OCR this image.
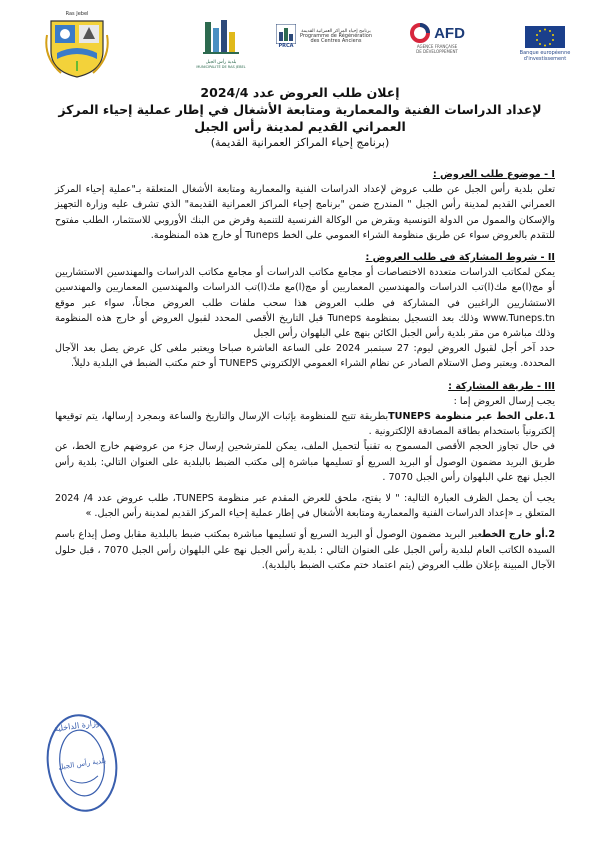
Banque européenne
d'investissement
AFD
AGENCE FRANÇAISE
DE DÉVELOPPEMENT
PRCA
برنامج إحياء المراكز العمرانية القديمة
Programme de Régénération
des Centres Anciens
بلدية رأس الجبل
MUNICIPALITÉ DE RAS JEBEL
Ras Jebel
إعلان طلب العروض عدد 2024/4
لإعداد الدراسات الفنية والمعمارية ومتابعة الأشغال في إطار عملية إحياء المركز
العمراني القديم لمدينة رأس الجبل
(برنامج إحياء المراكز العمرانية القديمة)

I - موضوع طلب العروض :

تعلن بلدية رأس الجبل عن طلب عروض لإعداد الدراسات الفنية والمعمارية ومتابعة الأشغال المتعلقة بـ"عملية إحياء المركز العمراني القديم لمدينة رأس الجبل " المندرج ضمن "برنامج إحياء المراكز العمرانية القديمة" الذي تشرف عليه وزارة التجهيز والإسكان والممول من الدولة التونسية وبقرض من الوكالة الفرنسية للتنمية وقرض من البنك الأوروبي للاستثمار، الطلب مفتوح للتقدم بالعروض سواء عن طريق منظومة الشراء العمومي على الخط Tuneps أو خارج هذه المنظومة.

II - شروط المشاركة في طلب العروض :

يمكن لمكاتب الدراسات متعددة الاختصاصات أو مجامع مكاتب الدراسات أو مجامع مكاتب الدراسات والمهندسين الاستشاريين أو مج(ا)مع مك(ا)تب الدراسات والمهندسين المعماريين أو مج(ا)مع مك(ا)تب الدراسات والمهندسين المعماريين والمهندسين الاستشاريين الراغبين في المشاركة في طلب العروض هذا سحب ملفات طلب العروض مجاناً، سواء عبر موقع www.Tuneps.tn وذلك بعد التسجيل بمنظومة Tuneps قبل التاريخ الأقصى المحدد لقبول العروض أو خارج هذه المنظومة وذلك مباشرة من مقر بلدية رأس الجبل الكائن بنهج علي البلهوان رأس الجبل

حدد آخر أجل لقبول العروض ليوم: 27 سبتمبر 2024 على الساعة العاشرة صباحا ويعتبر ملغى كل عرض يصل بعد الآجال المحددة. ويعتبر وصل الاستلام الصادر عن نظام الشراء العمومي الإلكتروني TUNEPS أو ختم مكتب الضبط في البلدية دليلاً.

III - طريقة المشاركة :

يجب إرسال العروض إما :

1.على الخط عبر منظومة TUNEPSبطريقة تتيح للمنظومة بإثبات الإرسال والتاريخ والساعة وبمجرد إرسالها، يتم توقيعها إلكترونياً باستخدام بطاقة المصادقة الإلكترونية .

في حال تجاوز الحجم الأقصى المسموح به تقنياً لتحميل الملف، يمكن للمترشحين إرسال جزء من عروضهم خارج الخط، عن طريق البريد مضمون الوصول أو البريد السريع أو تسليمها مباشرة إلى مكتب الضبط بالبلدية على العنوان التالي: بلدية رأس الجبل نهج علي البلهوان رأس الجبل 7070 .

يجب أن يحمل الظرف العبارة التالية: " لا يفتح، ملحق للعرض المقدم عبر منظومة TUNEPS، طلب عروض عدد 4/ 2024 المتعلق بـ «إعداد الدراسات الفنية والمعمارية ومتابعة الأشغال في إطار عملية إحياء المركز القديم لمدينة رأس الجبل. »

2.أو خارج الخطعبر البريد مضمون الوصول أو البريد السريع أو تسليمها مباشرة بمكتب ضبط بالبلدية مقابل وصل إيداع باسم السيدة الكاتب العام لبلدية رأس الجبل على العنوان التالي : بلدية رأس الجبل نهج علي البلهوان رأس الجبل 7070 ، قبل حلول الآجال المبينة بإعلان طلب العروض (يتم اعتماد ختم مكتب الضبط بالبلدية).

وزارة الداخلية
بلدية رأس الجبل
